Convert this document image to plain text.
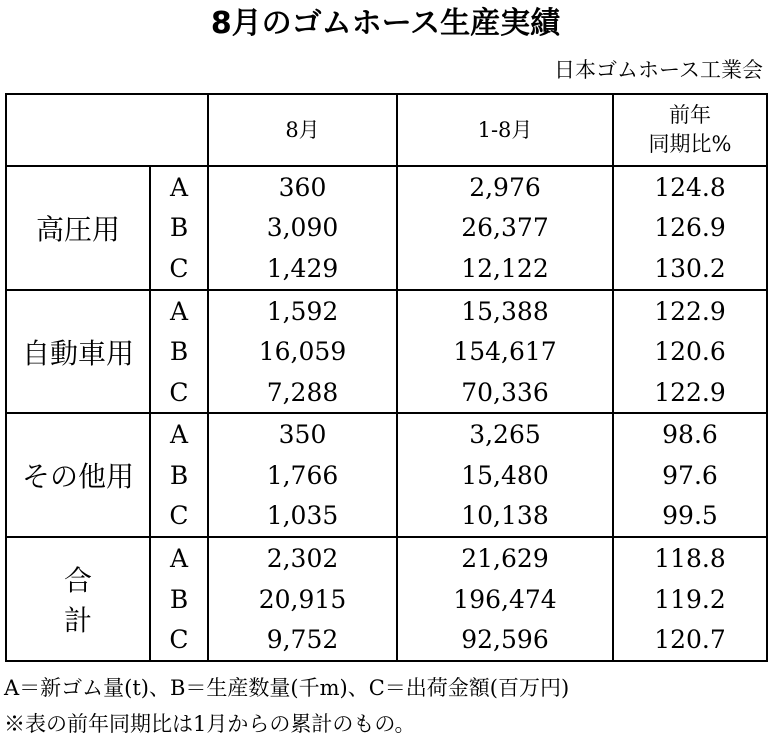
8月のゴムホース生産実績
日本ゴムホース工業会
		8月	1-8月	前年
同期比%

高圧用	A	360	2,976	124.8
	B	3,090	26,377	126.9
	C	1,429	12,122	130.2
自動車用	A	1,592	15,388	122.9
	B	16,059	154,617	120.6
	C	7,288	70,336	122.9
その他用	A	350	3,265	98.6
	B	1,766	15,480	97.6
	C	1,035	10,138	99.5
合計	A	2,302	21,629	118.8
	B	20,915	196,474	119.2
	C	9,752	92,596	120.7
A＝新ゴム量(t)、B＝生産数量(千m)、C＝出荷金額(百万円)
※表の前年同期比は1月からの累計のもの。
